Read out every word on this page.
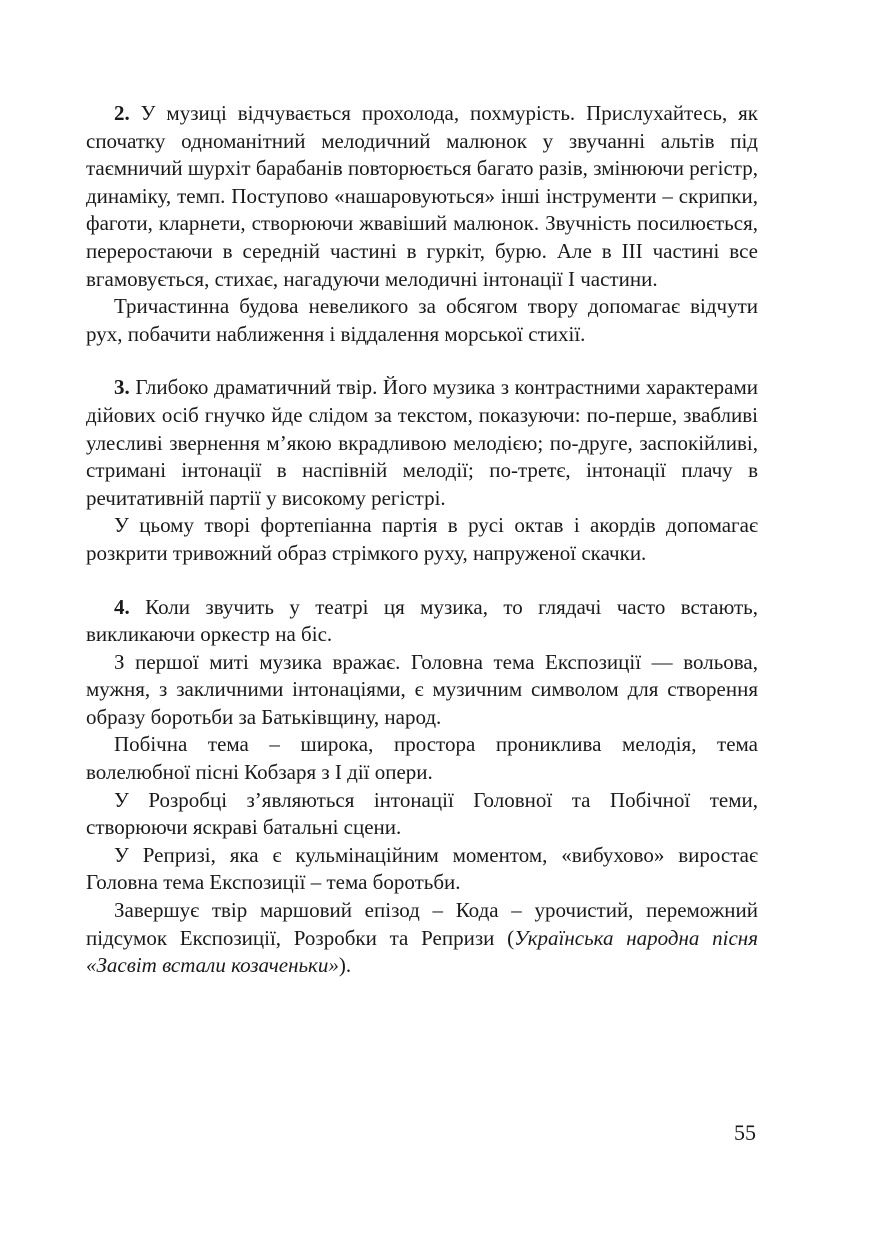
2. У музиці відчувається прохолода, похмурість. Прислухайтесь, як спочатку одноманітний мелодичний малюнок у звучанні альтів під таємничий шурхіт барабанів повторюється багато разів, змінюючи регістр, динаміку, темп. Поступово «нашаровуються» інші інструменти – скрипки, фаготи, кларнети, створюючи жвавіший малюнок. Звучність посилюється, переростаючи в середній частині в гуркіт, бурю. Але в ІІІ частині все вгамовується, стихає, нагадуючи мелодичні інтонації І частини.

Тричастинна будова невеликого за обсягом твору допомагає відчути рух, побачити наближення і віддалення морської стихії.

3. Глибоко драматичний твір. Його музика з контрастними характерами дійових осіб гнучко йде слідом за текстом, показуючи: по-перше, звабливі улесливі звернення м’якою вкрадливою мелодією; по-друге, заспокійливі, стримані інтонації в наспівній мелодії; по-третє, інтонації плачу в речитативній партії у високому регістрі.

У цьому творі фортепіанна партія в русі октав і акордів допомагає розкрити тривожний образ стрімкого руху, напруженої скачки.

4. Коли звучить у театрі ця музика, то глядачі часто встають, викликаючи оркестр на біс.

З першої миті музика вражає. Головна тема Експозиції — вольова, мужня, з закличними інтонаціями, є музичним символом для створення образу боротьби за Батьківщину, народ.

Побічна тема – широка, простора прониклива мелодія, тема волелюбної пісні Кобзаря з І дії опери.

У Розробці з’являються інтонації Головної та Побічної теми, створюючи яскраві батальні сцени.

У Репризі, яка є кульмінаційним моментом, «вибухово» виростає Головна тема Експозиції – тема боротьби.

Завершує твір маршовий епізод – Кода – урочистий, переможний підсумок Експозиції, Розробки та Репризи (Українська народна пісня «Засвіт встали козаченьки»).

55
